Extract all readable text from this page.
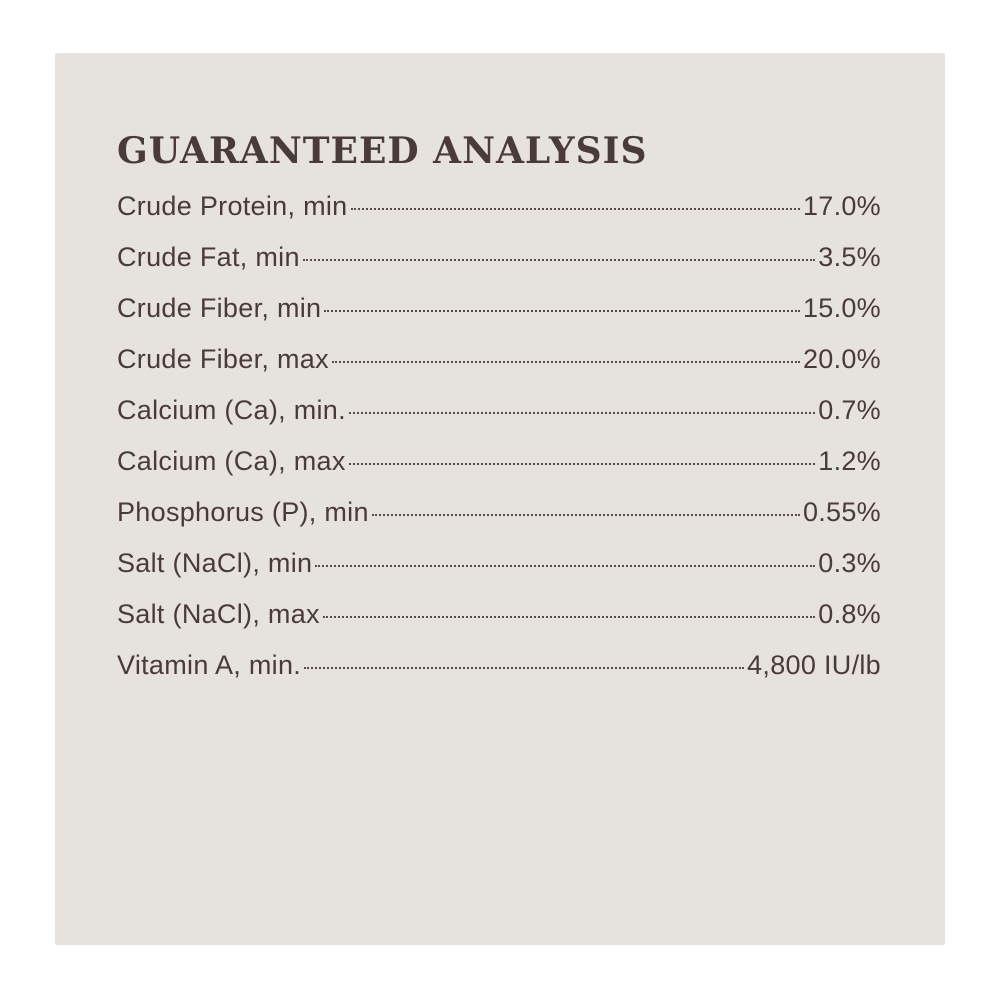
GUARANTEED ANALYSIS
Crude Protein, min	17.0%
Crude Fat, min	3.5%
Crude Fiber, min	15.0%
Crude Fiber, max	20.0%
Calcium (Ca), min.	0.7%
Calcium (Ca), max	1.2%
Phosphorus (P), min	0.55%
Salt (NaCl), min	0.3%
Salt (NaCl), max	0.8%
Vitamin A, min.	4,800 IU/lb
